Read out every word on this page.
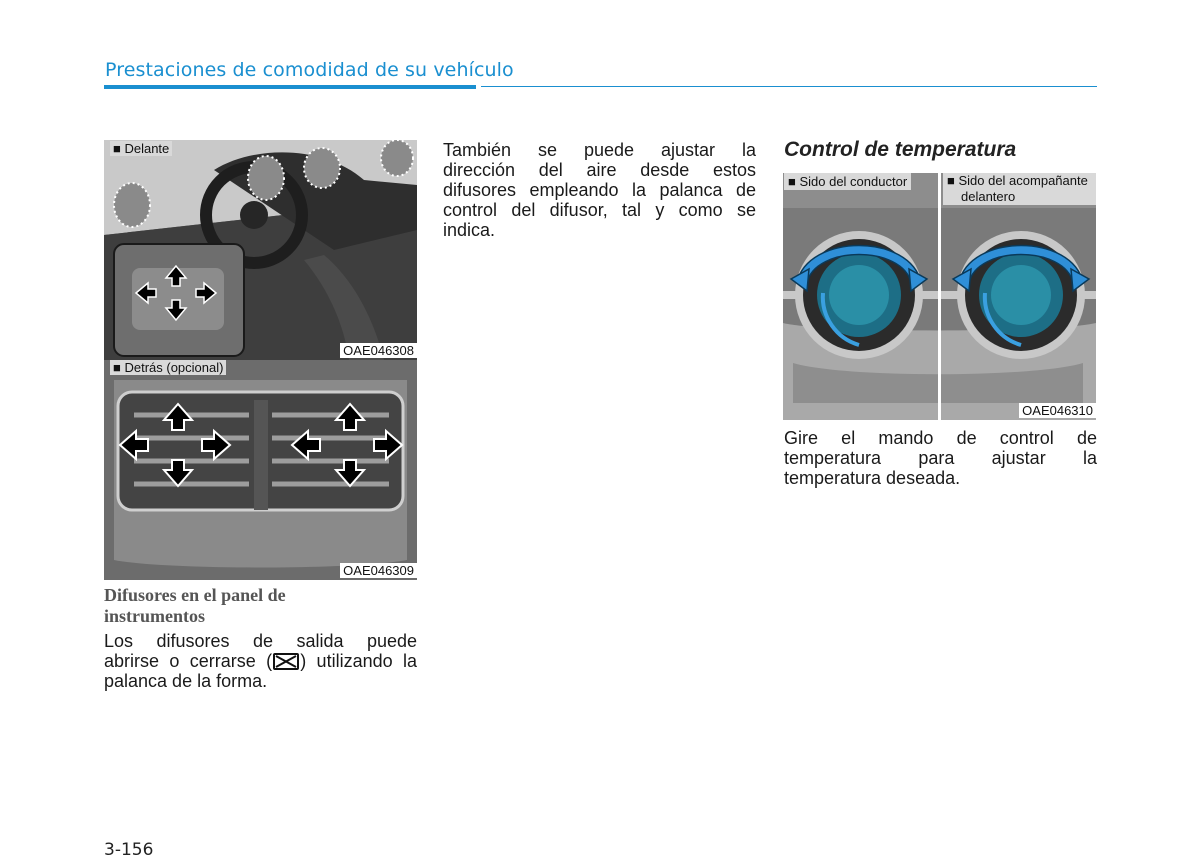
Prestaciones de comodidad de su vehículo
■ Delante
OAE046308
■ Detrás (opcional)
OAE046309
Difusores en el panel de
instrumentos
Los difusores de salida puede
abrirse o cerrarse ( ) utilizando la
palanca de la forma.
También se puede ajustar la
dirección del aire desde estos
difusores empleando la palanca de
control del difusor, tal y como se
indica.
Control de temperatura
■ Sido del conductor	■ Sido del acompañante
delantero
OAE046310
Gire el mando de control de
temperatura para ajustar la
temperatura deseada.
3-156
